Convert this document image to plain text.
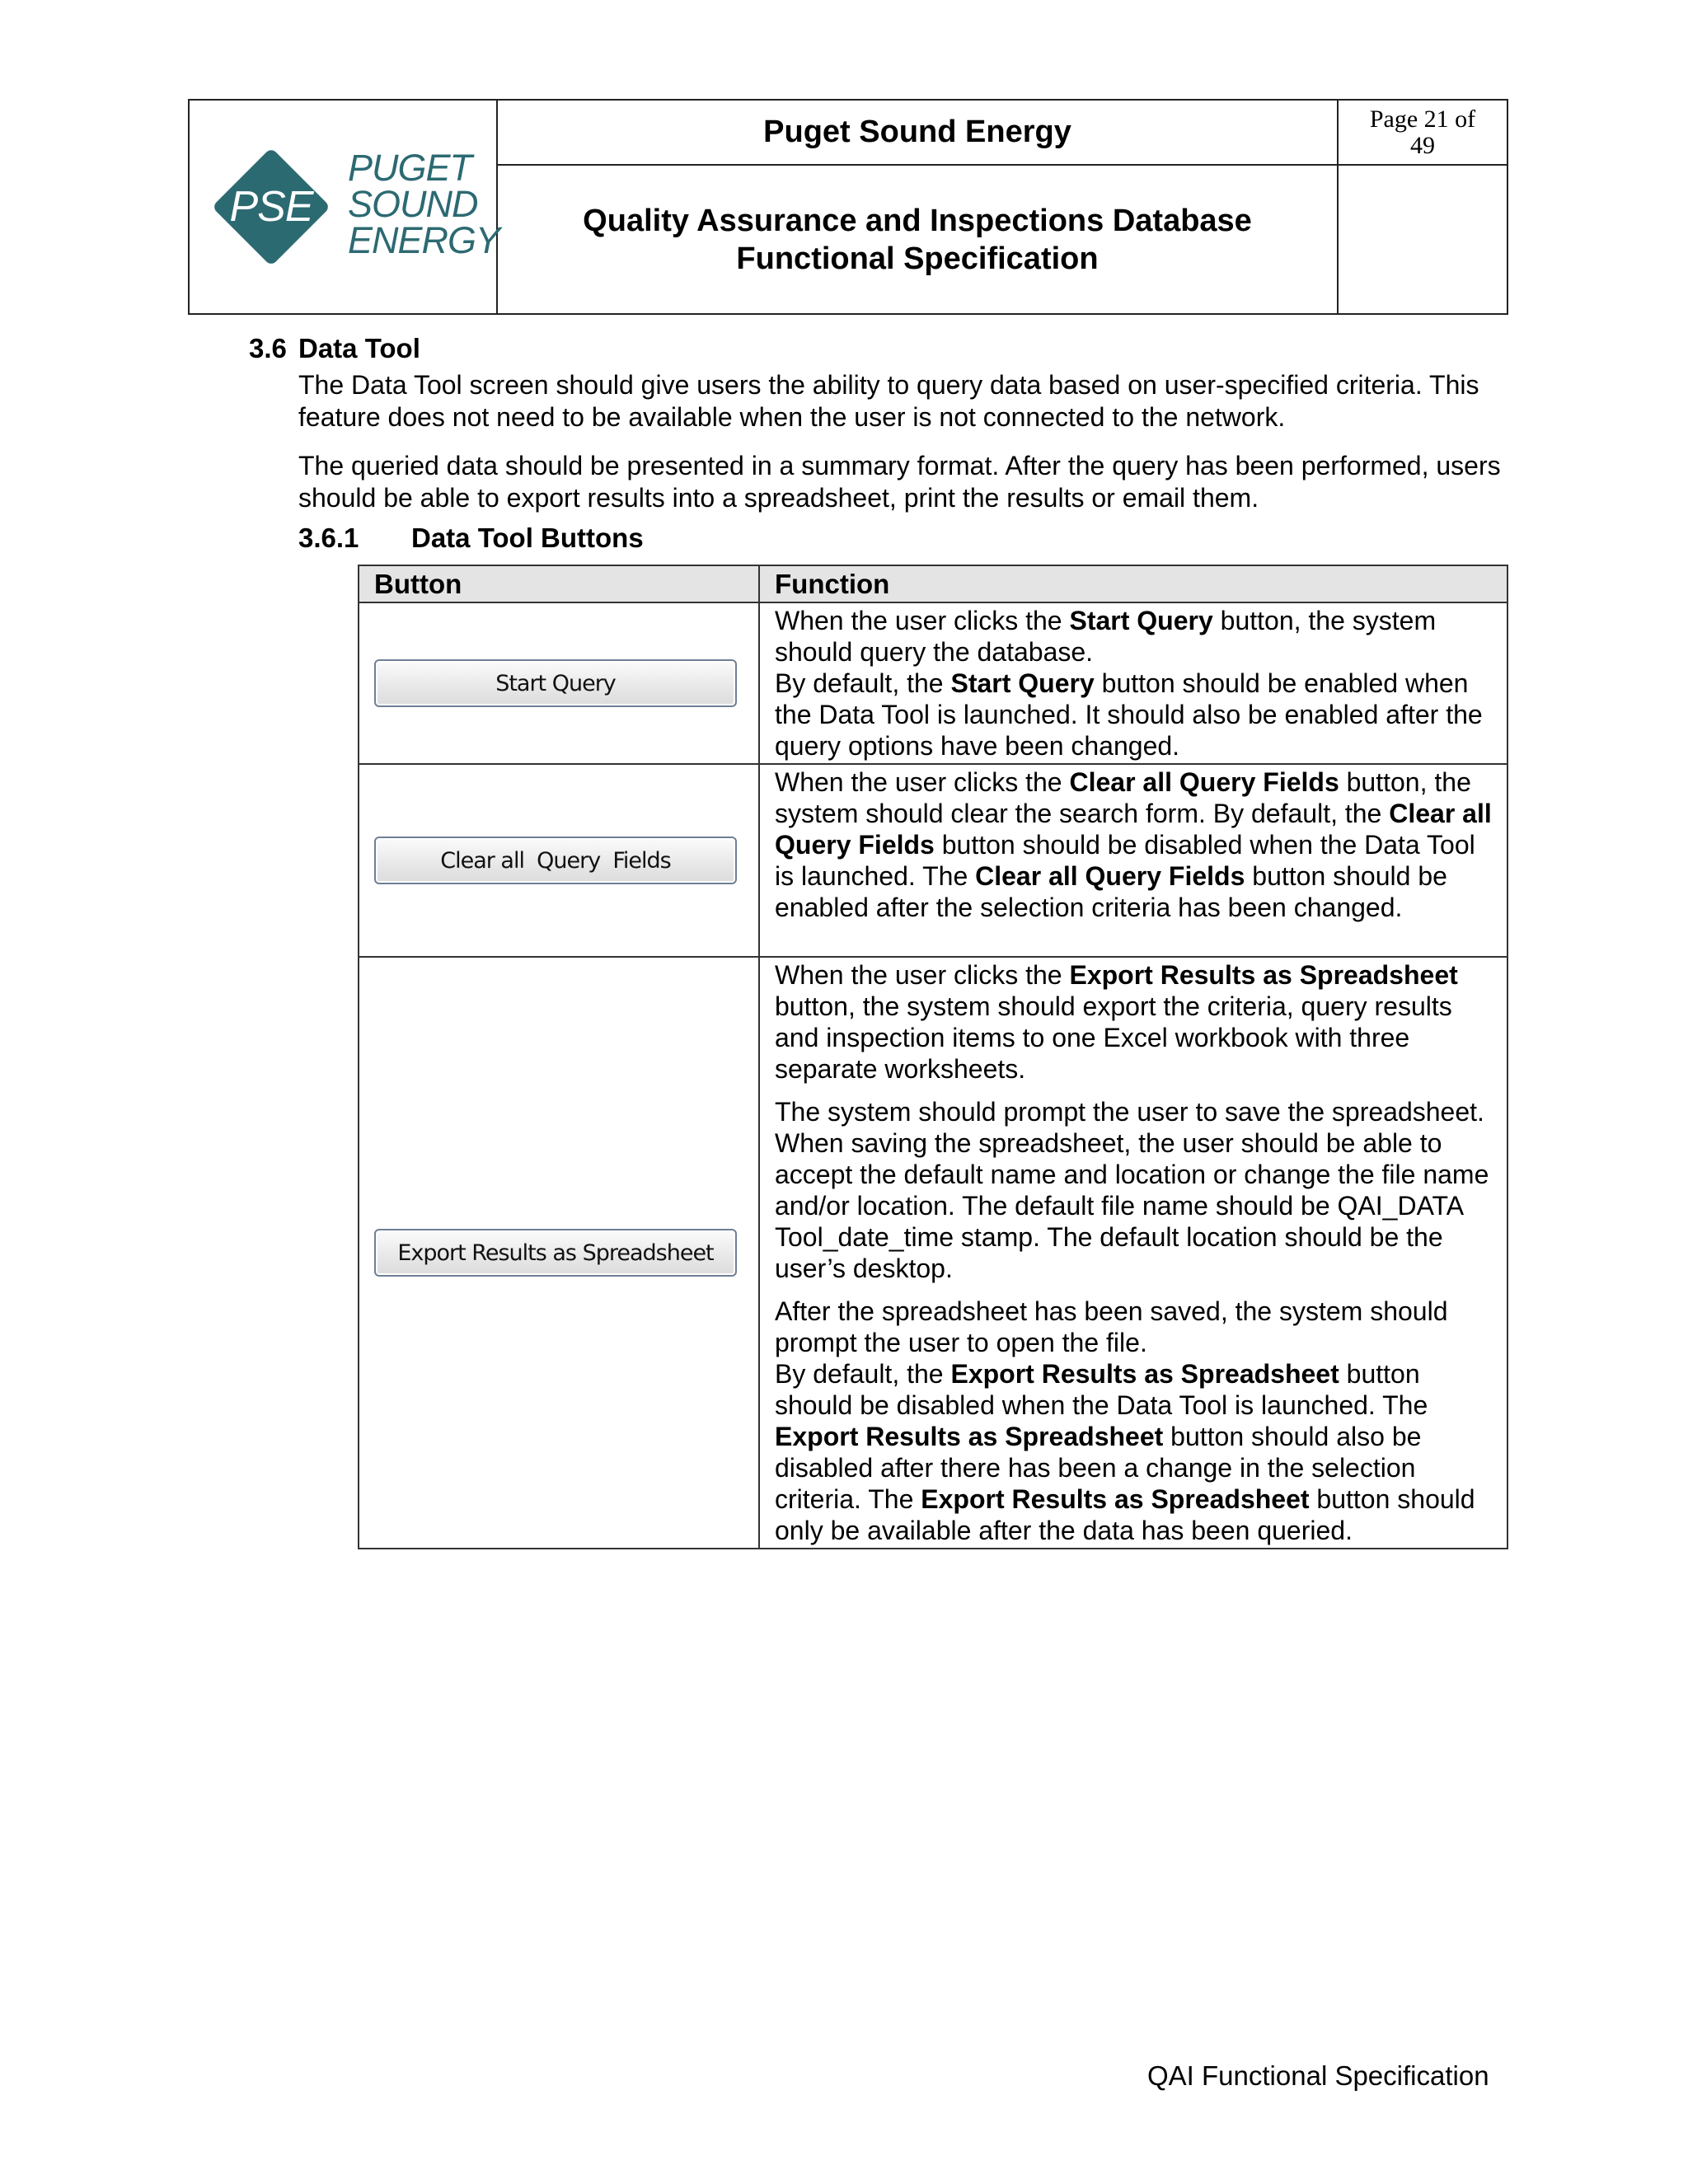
PSE
PUGET
SOUND
ENERGY	Puget Sound Energy	Page 21 of 49

	Quality Assurance and Inspections Database
Functional Specification	

3.6 Data Tool
The Data Tool screen should give users the ability to query data based on user-specified criteria. This feature does not need to be available when the user is not connected to the network.
The queried data should be presented in a summary format. After the query has been performed, users should be able to export results into a spreadsheet, print the results or email them.
3.6.1 Data Tool Buttons
Button	Function

Start Query	When the user clicks the Start Query button, the system should query the database.

By default, the Start Query button should be enabled when the Data Tool is launched. It should also be enabled after the query options have been changed.

Clear all  Query  Fields	When the user clicks the Clear all Query Fields button, the system should clear the search form. By default, the Clear all Query Fields button should be disabled when the Data Tool is launched. The Clear all Query Fields button should be enabled after the selection criteria has been changed.

Export Results as Spreadsheet	When the user clicks the Export Results as Spreadsheet button, the system should export the criteria, query results and inspection items to one Excel workbook with three separate worksheets.

The system should prompt the user to save the spreadsheet. When saving the spreadsheet, the user should be able to accept the default name and location or change the file name and/or location. The default file name should be QAI_DATA Tool_date_time stamp. The default location should be the user’s desktop.

After the spreadsheet has been saved, the system should prompt the user to open the file.

By default, the Export Results as Spreadsheet button should be disabled when the Data Tool is launched. The Export Results as Spreadsheet button should also be disabled after there has been a change in the selection criteria. The Export Results as Spreadsheet button should only be available after the data has been queried.

QAI Functional Specification
